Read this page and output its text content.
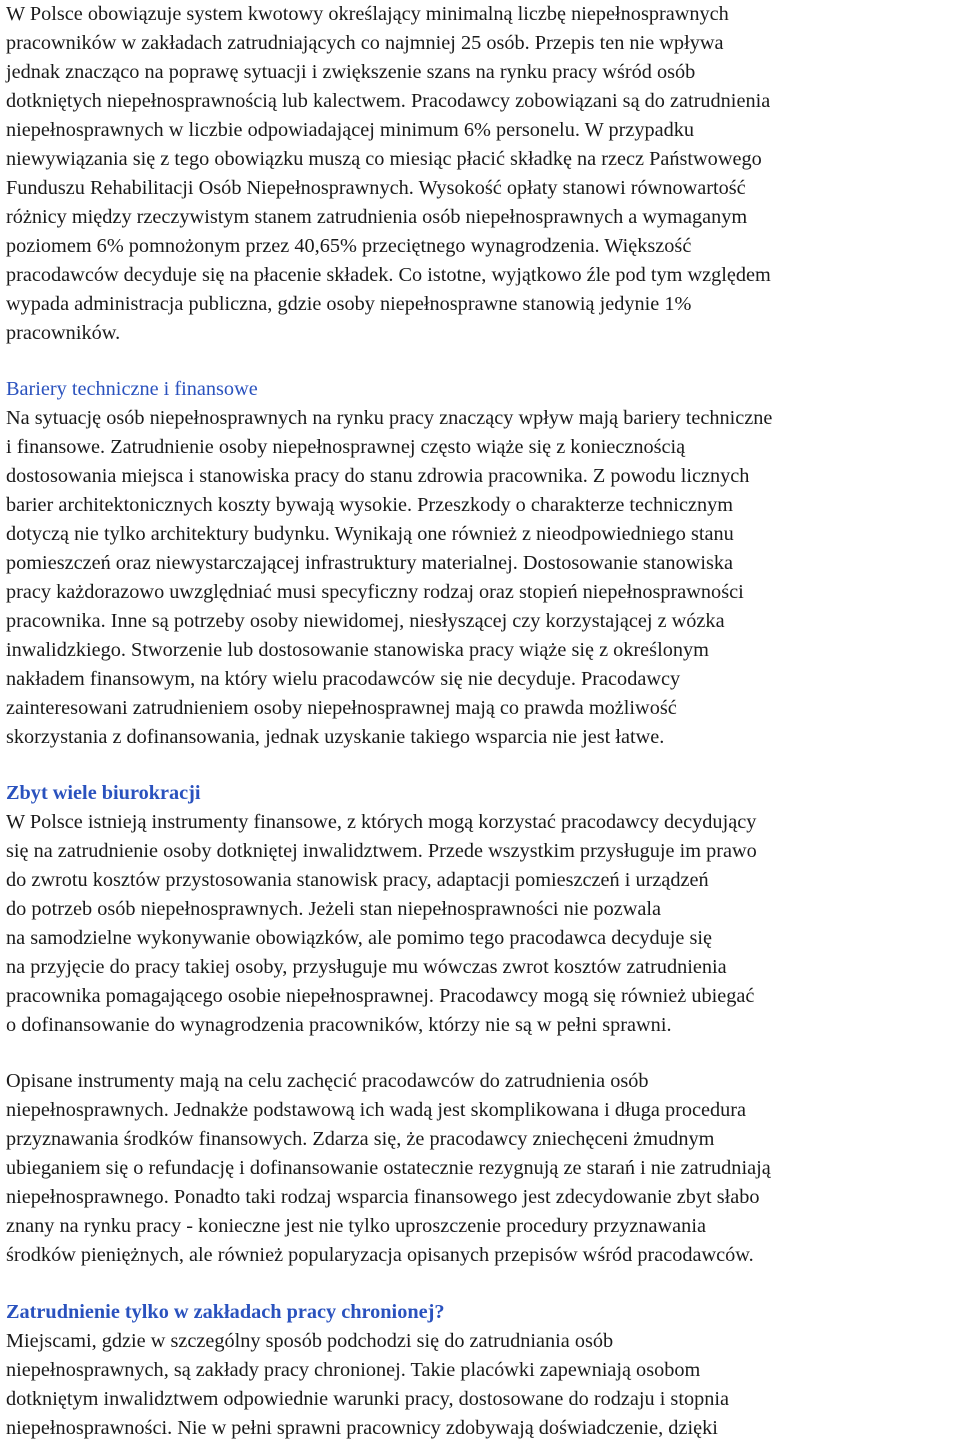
W Polsce obowiązuje system kwotowy określający minimalną liczbę niepełnosprawnych
pracowników w zakładach zatrudniających co najmniej 25 osób. Przepis ten nie wpływa
jednak znacząco na poprawę sytuacji i zwiększenie szans na rynku pracy wśród osób
dotkniętych niepełnosprawnością lub kalectwem. Pracodawcy zobowiązani są do zatrudnienia
niepełnosprawnych w liczbie odpowiadającej minimum 6% personelu. W przypadku
niewywiązania się z tego obowiązku muszą co miesiąc płacić składkę na rzecz Państwowego
Funduszu Rehabilitacji Osób Niepełnosprawnych. Wysokość opłaty stanowi równowartość
różnicy między rzeczywistym stanem zatrudnienia osób niepełnosprawnych a wymaganym
poziomem 6% pomnożonym przez 40,65% przeciętnego wynagrodzenia. Większość
pracodawców decyduje się na płacenie składek. Co istotne, wyjątkowo źle pod tym względem
wypada administracja publiczna, gdzie osoby niepełnosprawne stanowią jedynie 1%
pracowników.
Bariery techniczne i finansowe
Na sytuację osób niepełnosprawnych na rynku pracy znaczący wpływ mają bariery techniczne
i finansowe. Zatrudnienie osoby niepełnosprawnej często wiąże się z koniecznością
dostosowania miejsca i stanowiska pracy do stanu zdrowia pracownika. Z powodu licznych
barier architektonicznych koszty bywają wysokie. Przeszkody o charakterze technicznym
dotyczą nie tylko architektury budynku. Wynikają one również z nieodpowiedniego stanu
pomieszczeń oraz niewystarczającej infrastruktury materialnej. Dostosowanie stanowiska
pracy każdorazowo uwzględniać musi specyficzny rodzaj oraz stopień niepełnosprawności
pracownika. Inne są potrzeby osoby niewidomej, niesłyszącej czy korzystającej z wózka
inwalidzkiego. Stworzenie lub dostosowanie stanowiska pracy wiąże się z określonym
nakładem finansowym, na który wielu pracodawców się nie decyduje. Pracodawcy
zainteresowani zatrudnieniem osoby niepełnosprawnej mają co prawda możliwość
skorzystania z dofinansowania, jednak uzyskanie takiego wsparcia nie jest łatwe.
Zbyt wiele biurokracji
W Polsce istnieją instrumenty finansowe, z których mogą korzystać pracodawcy decydujący
się na zatrudnienie osoby dotkniętej inwalidztwem. Przede wszystkim przysługuje im prawo
do zwrotu kosztów przystosowania stanowisk pracy, adaptacji pomieszczeń i urządzeń
do potrzeb osób niepełnosprawnych. Jeżeli stan niepełnosprawności nie pozwala
na samodzielne wykonywanie obowiązków, ale pomimo tego pracodawca decyduje się
na przyjęcie do pracy takiej osoby, przysługuje mu wówczas zwrot kosztów zatrudnienia
pracownika pomagającego osobie niepełnosprawnej. Pracodawcy mogą się również ubiegać
o dofinansowanie do wynagrodzenia pracowników, którzy nie są w pełni sprawni.
Opisane instrumenty mają na celu zachęcić pracodawców do zatrudnienia osób
niepełnosprawnych. Jednakże podstawową ich wadą jest skomplikowana i długa procedura
przyznawania środków finansowych. Zdarza się, że pracodawcy zniechęceni żmudnym
ubieganiem się o refundację i dofinansowanie ostatecznie rezygnują ze starań i nie zatrudniają
niepełnosprawnego. Ponadto taki rodzaj wsparcia finansowego jest zdecydowanie zbyt słabo
znany na rynku pracy - konieczne jest nie tylko uproszczenie procedury przyznawania
środków pieniężnych, ale również popularyzacja opisanych przepisów wśród pracodawców.
Zatrudnienie tylko w zakładach pracy chronionej?
Miejscami, gdzie w szczególny sposób podchodzi się do zatrudniania osób
niepełnosprawnych, są zakłady pracy chronionej. Takie placówki zapewniają osobom
dotkniętym inwalidztwem odpowiednie warunki pracy, dostosowane do rodzaju i stopnia
niepełnosprawności. Nie w pełni sprawni pracownicy zdobywają doświadczenie, dzięki
